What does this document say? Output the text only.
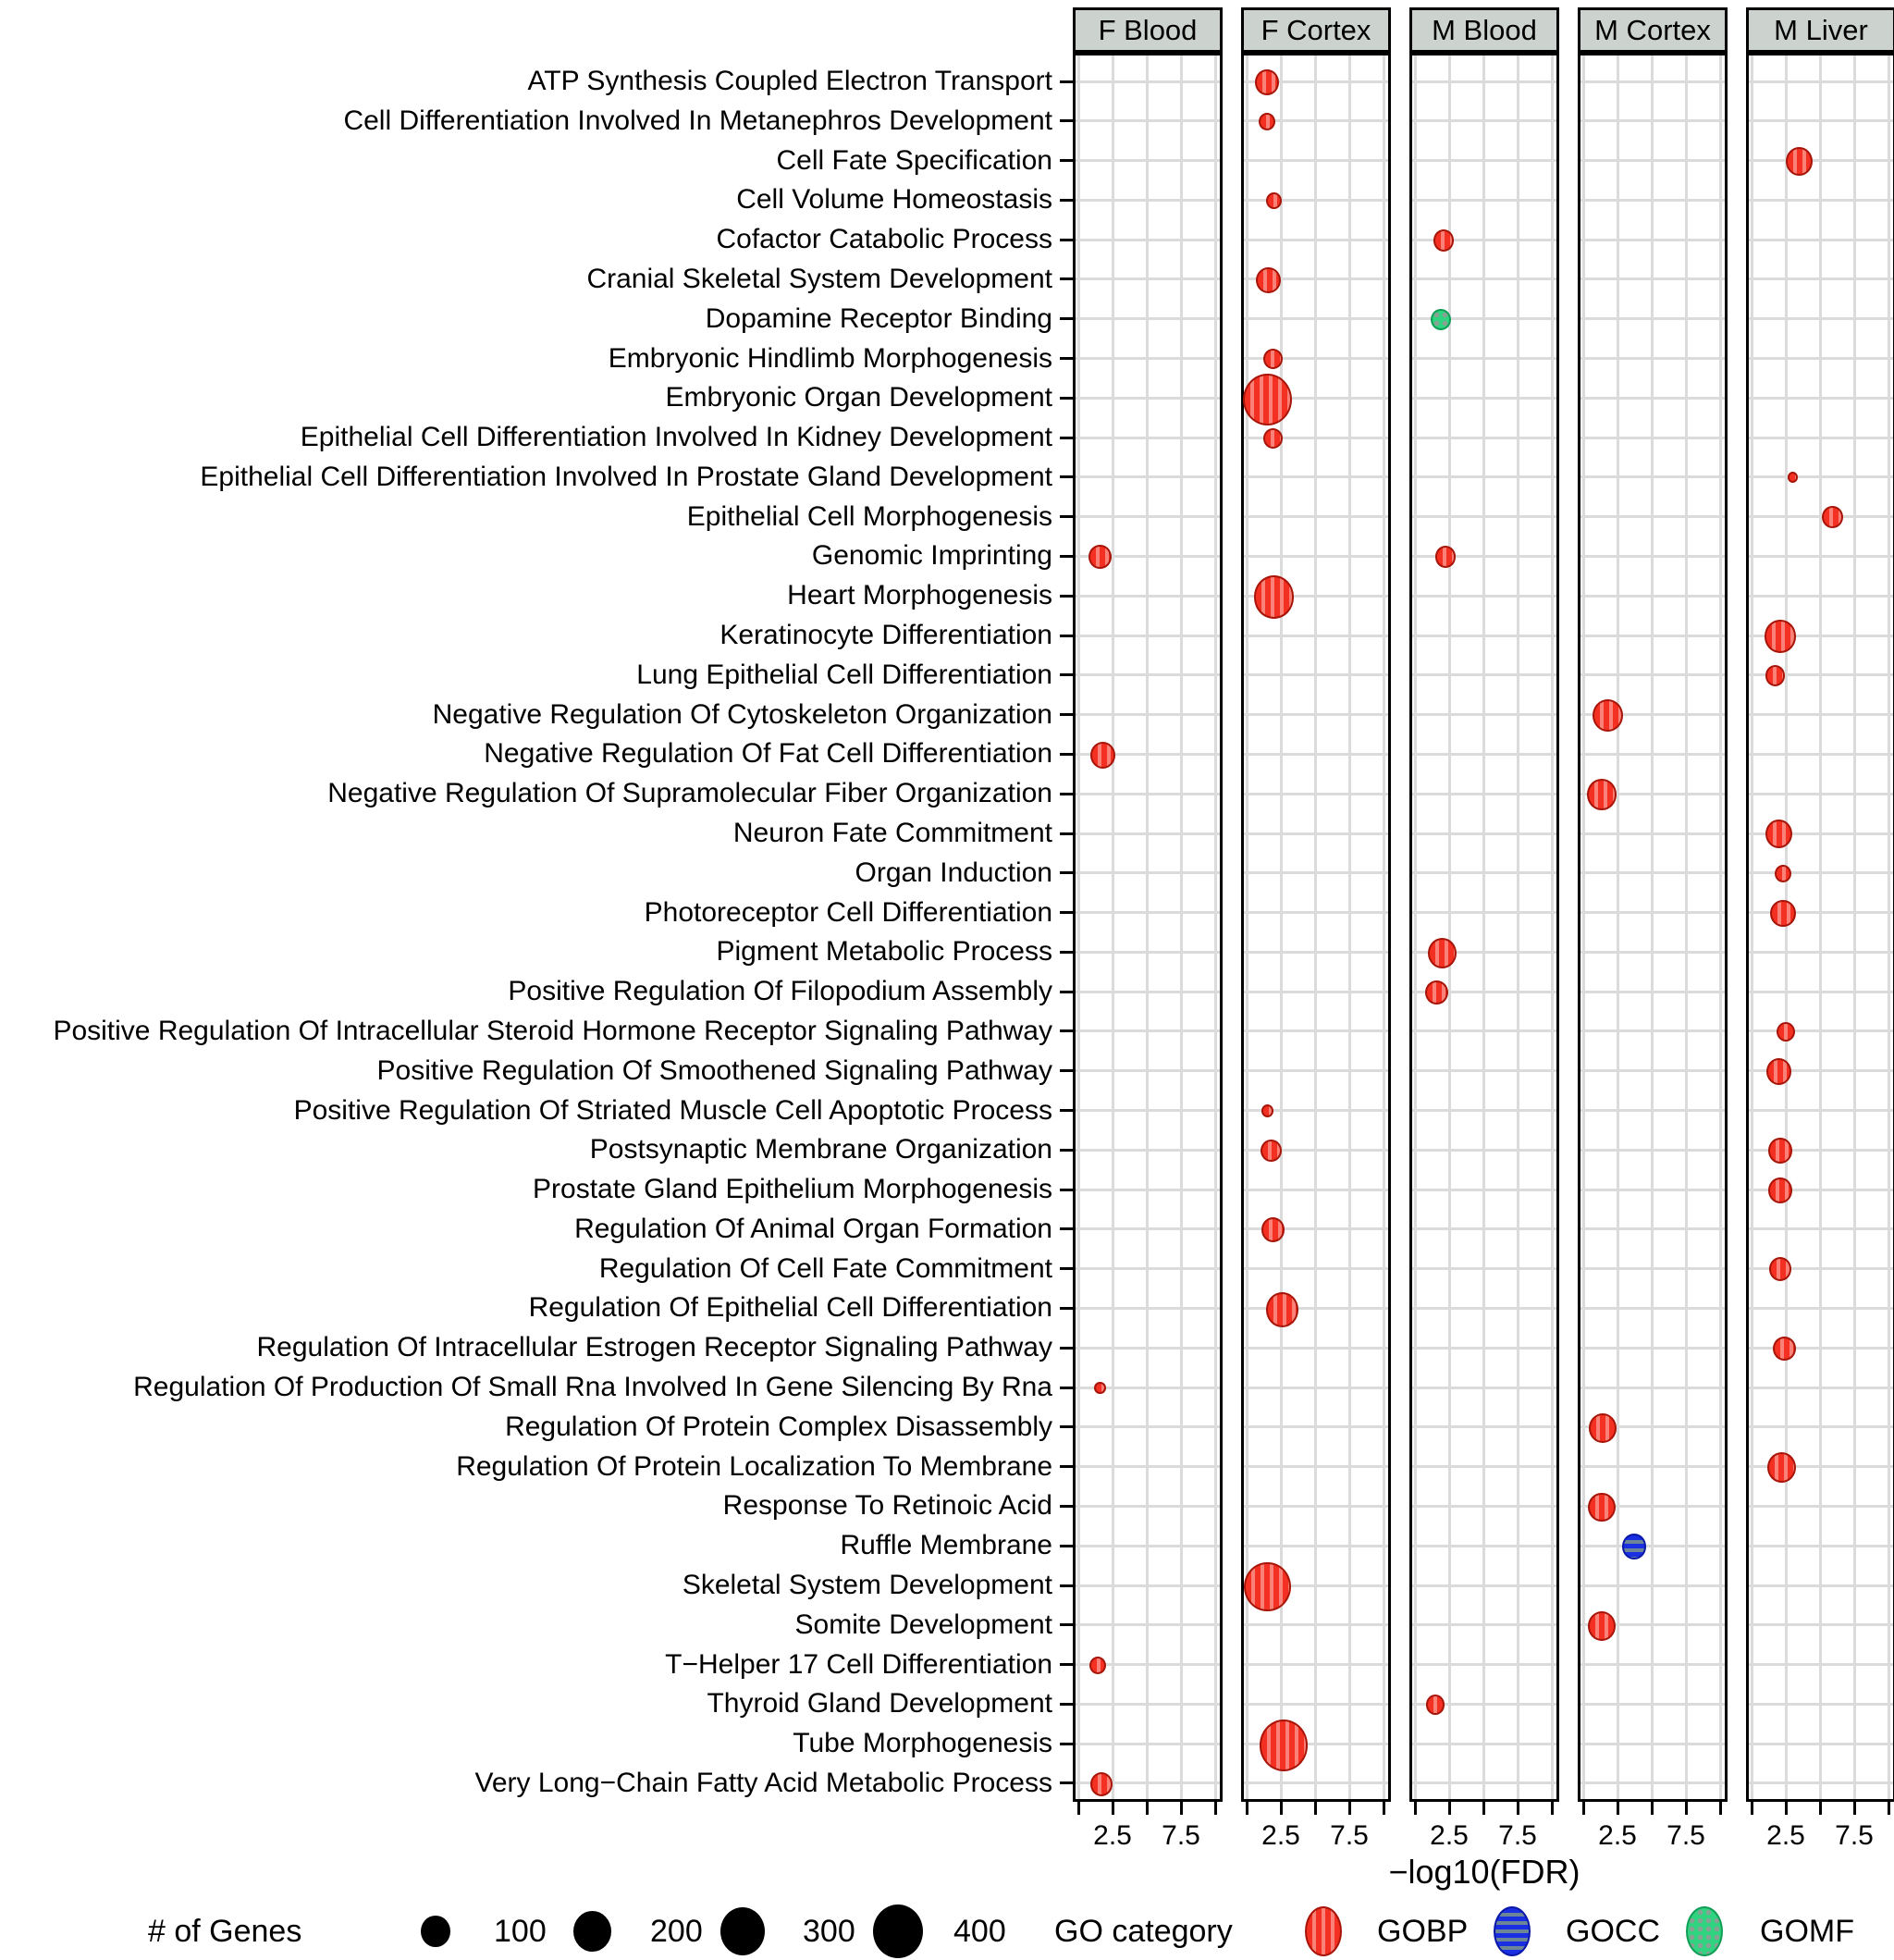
ATP Synthesis Coupled Electron Transport
Cell Differentiation Involved In Metanephros Development
Cell Fate Specification
Cell Volume Homeostasis
Cofactor Catabolic Process
Cranial Skeletal System Development
Dopamine Receptor Binding
Embryonic Hindlimb Morphogenesis
Embryonic Organ Development
Epithelial Cell Differentiation Involved In Kidney Development
Epithelial Cell Differentiation Involved In Prostate Gland Development
Epithelial Cell Morphogenesis
Genomic Imprinting
Heart Morphogenesis
Keratinocyte Differentiation
Lung Epithelial Cell Differentiation
Negative Regulation Of Cytoskeleton Organization
Negative Regulation Of Fat Cell Differentiation
Negative Regulation Of Supramolecular Fiber Organization
Neuron Fate Commitment
Organ Induction
Photoreceptor Cell Differentiation
Pigment Metabolic Process
Positive Regulation Of Filopodium Assembly
Positive Regulation Of Intracellular Steroid Hormone Receptor Signaling Pathway
Positive Regulation Of Smoothened Signaling Pathway
Positive Regulation Of Striated Muscle Cell Apoptotic Process
Postsynaptic Membrane Organization
Prostate Gland Epithelium Morphogenesis
Regulation Of Animal Organ Formation
Regulation Of Cell Fate Commitment
Regulation Of Epithelial Cell Differentiation
Regulation Of Intracellular Estrogen Receptor Signaling Pathway
Regulation Of Production Of Small Rna Involved In Gene Silencing By Rna
Regulation Of Protein Complex Disassembly
Regulation Of Protein Localization To Membrane
Response To Retinoic Acid
Ruffle Membrane
Skeletal System Development
Somite Development
T−Helper 17 Cell Differentiation
Thyroid Gland Development
Tube Morphogenesis
Very Long−Chain Fatty Acid Metabolic Process
F Blood	F Cortex	M Blood	M Cortex	M Liver
2.5	7.5	2.5	7.5	2.5	7.5	2.5	7.5	2.5	7.5
−log10(FDR)
# of Genes	100	200	300	400 GO category	GOBP	GOCC	GOMF
